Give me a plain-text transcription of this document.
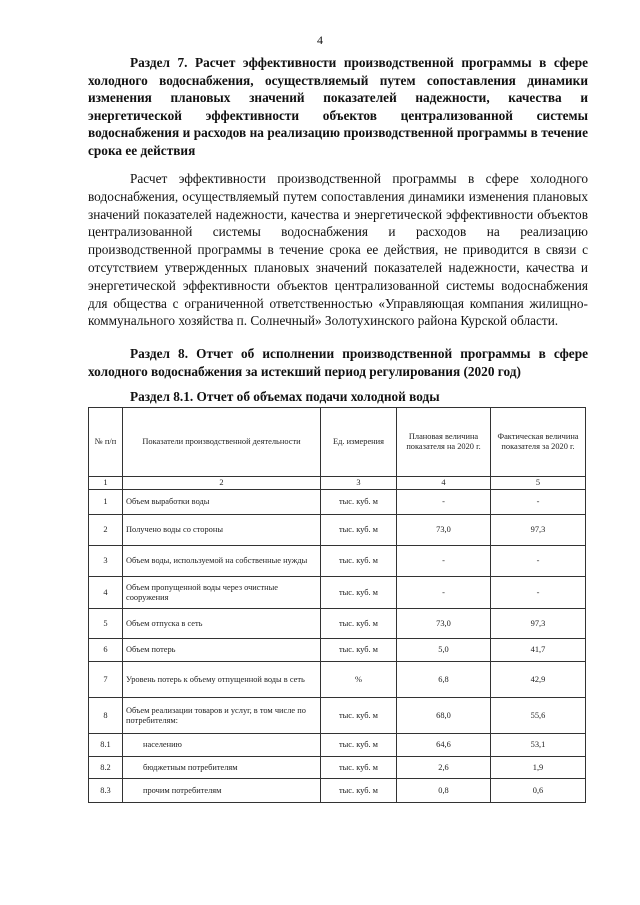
4
Раздел 7. Расчет эффективности производственной программы в сфере холодного водоснабжения, осуществляемый путем сопоставления динамики изменения плановых значений показателей надежности, качества и энергетической эффективности объектов централизованной системы водоснабжения и расходов на реализацию производственной программы в течение срока ее действия
Расчет эффективности производственной программы в сфере холодного водоснабжения, осуществляемый путем сопоставления динамики изменения плановых значений показателей надежности, качества и энергетической эффективности объектов централизованной системы водоснабжения и расходов на реализацию производственной программы в течение срока ее действия, не приводится в связи с отсутствием утвержденных плановых значений показателей надежности, качества и энергетической эффективности объектов централизованной системы водоснабжения для общества с ограниченной ответственностью «Управляющая компания жилищно-коммунального хозяйства п. Солнечный» Золотухинского района Курской области.
Раздел 8. Отчет об исполнении производственной программы в сфере холодного водоснабжения за истекший период регулирования (2020 год)
Раздел 8.1. Отчет об объемах подачи холодной воды
№ п/п	Показатели производственной деятельности	Ед. измерения	Плановая величина показателя на 2020 г.	Фактическая величина показателя за 2020 г.
1	2	3	4	5
1	Объем выработки воды	тыс. куб. м	-	-
2	Получено воды со стороны	тыс. куб. м	73,0	97,3
3	Объем воды, используемой на собственные нужды	тыс. куб. м	-	-
4	Объем пропущенной воды через очистные сооружения	тыс. куб. м	-	-
5	Объем отпуска в сеть	тыс. куб. м	73,0	97,3
6	Объем потерь	тыс. куб. м	5,0	41,7
7	Уровень потерь к объему отпущенной воды в сеть	%	6,8	42,9
8	Объем реализации товаров и услуг, в том числе по потребителям:	тыс. куб. м	68,0	55,6
8.1	населению	тыс. куб. м	64,6	53,1
8.2	бюджетным потребителям	тыс. куб. м	2,6	1,9
8.3	прочим потребителям	тыс. куб. м	0,8	0,6
